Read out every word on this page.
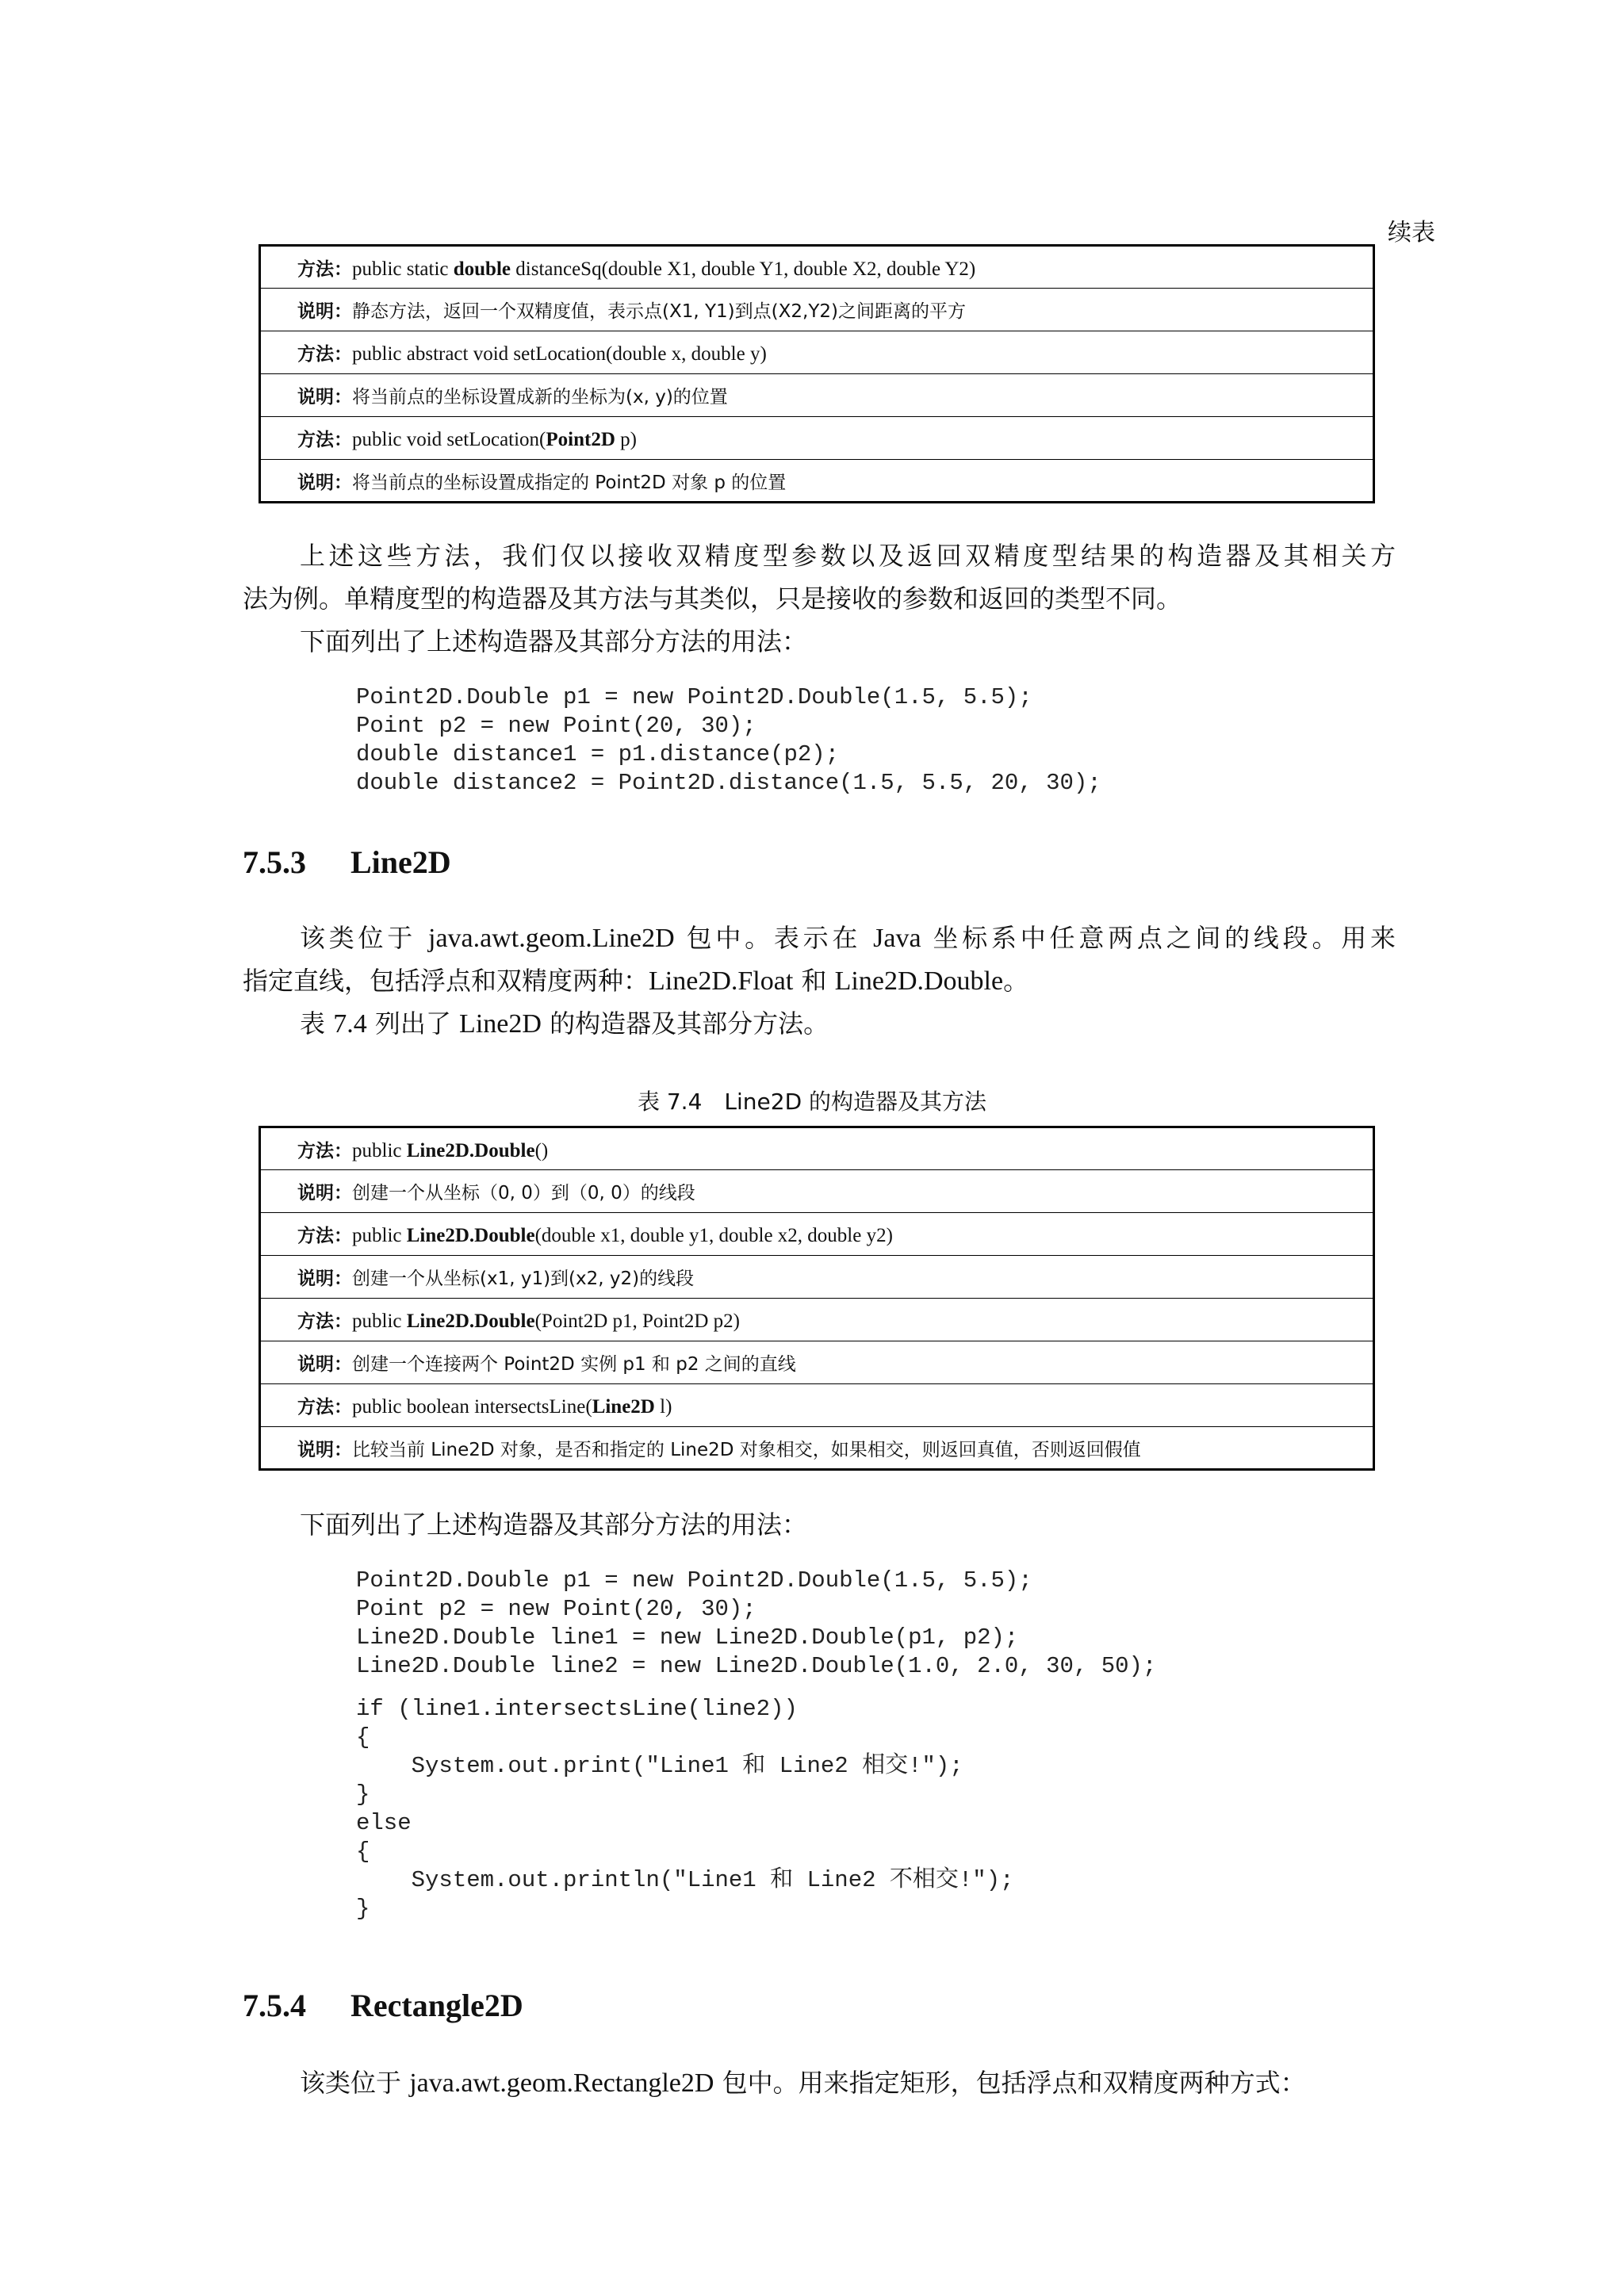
续表
方法：public static double distanceSq(double X1, double Y1, double X2, double Y2)
说明：静态方法，返回一个双精度值，表示点(X1, Y1)到点(X2,Y2)之间距离的平方
方法：public abstract void setLocation(double x, double y)
说明：将当前点的坐标设置成新的坐标为(x, y)的位置
方法：public void setLocation(Point2D p)
说明：将当前点的坐标设置成指定的 Point2D 对象 p 的位置

上述这些方法，我们仅以接收双精度型参数以及返回双精度型结果的构造器及其相关方
法为例。单精度型的构造器及其方法与其类似，只是接收的参数和返回的类型不同。

下面列出了上述构造器及其部分方法的用法：

Point2D.Double p1 = new Point2D.Double(1.5, 5.5);
Point p2 = new Point(20, 30);
double distance1 = p1.distance(p2);
double distance2 = Point2D.distance(1.5, 5.5, 20, 30);
7.5.3 Line2D

该类位于 java.awt.geom.Line2D 包中。表示在 Java 坐标系中任意两点之间的线段。用来

指定直线，包括浮点和双精度两种：Line2D.Float 和 Line2D.Double。

表 7.4 列出了 Line2D 的构造器及其部分方法。

表 7.4　Line2D 的构造器及其方法
方法：public Line2D.Double()
说明：创建一个从坐标（0, 0）到（0, 0）的线段
方法：public Line2D.Double(double x1, double y1, double x2, double y2)
说明：创建一个从坐标(x1, y1)到(x2, y2)的线段
方法：public Line2D.Double(Point2D p1, Point2D p2)
说明：创建一个连接两个 Point2D 实例 p1 和 p2 之间的直线
方法：public boolean intersectsLine(Line2D l)
说明：比较当前 Line2D 对象，是否和指定的 Line2D 对象相交，如果相交，则返回真值，否则返回假值

下面列出了上述构造器及其部分方法的用法：

Point2D.Double p1 = new Point2D.Double(1.5, 5.5);
Point p2 = new Point(20, 30);
Line2D.Double line1 = new Line2D.Double(p1, p2);
Line2D.Double line2 = new Line2D.Double(1.0, 2.0, 30, 50);
if (line1.intersectsLine(line2))
{
System.out.print("Line1 和 Line2 相交!");
}
else
{
System.out.println("Line1 和 Line2 不相交!");
}
7.5.4 Rectangle2D

该类位于 java.awt.geom.Rectangle2D 包中。用来指定矩形，包括浮点和双精度两种方式：
